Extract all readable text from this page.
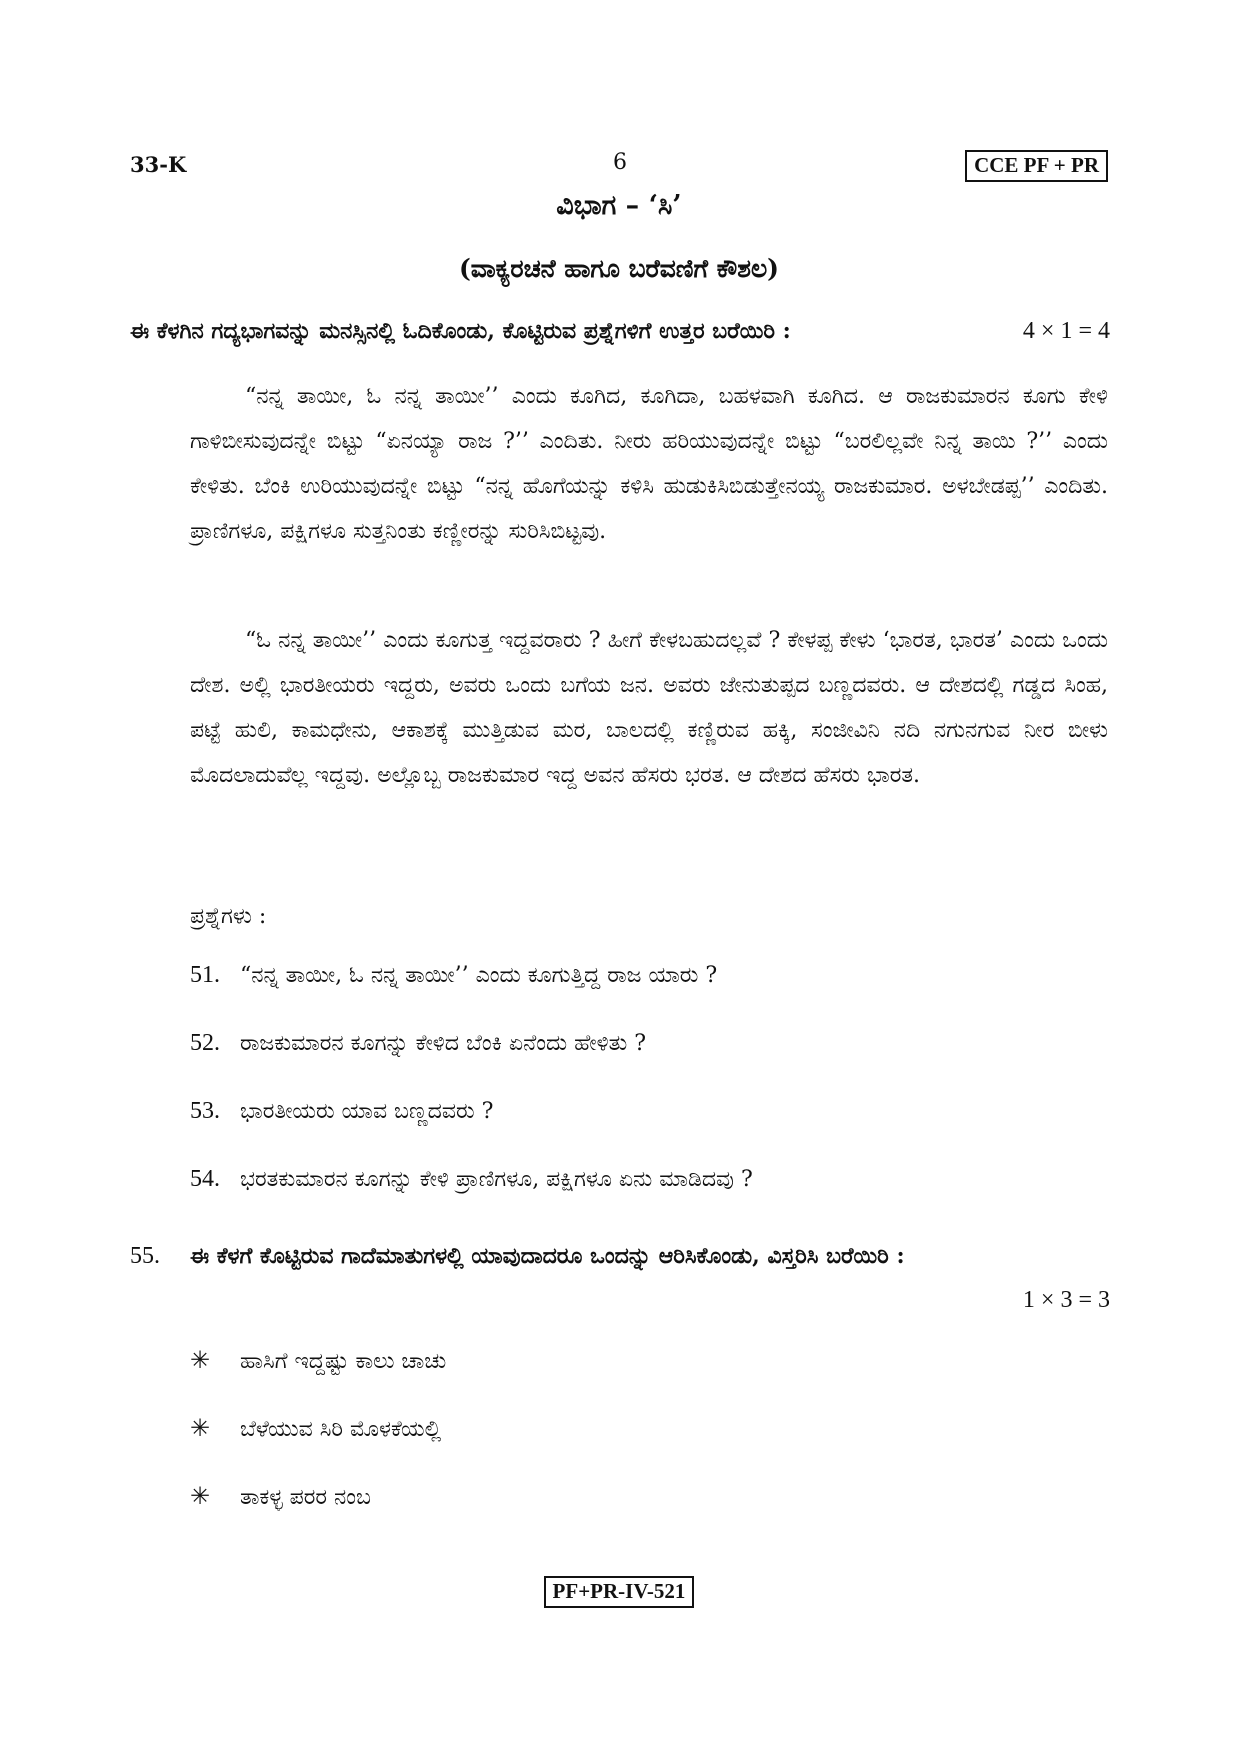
33-K	6	CCE PF + PR
ವಿಭಾಗ – ‘ಸಿ’
(ವಾಕ್ಯರಚನೆ ಹಾಗೂ ಬರೆವಣಿಗೆ ಕೌಶಲ)
ಈ ಕೆಳಗಿನ ಗದ್ಯಭಾಗವನ್ನು ಮನಸ್ಸಿನಲ್ಲಿ ಓದಿಕೊಂಡು, ಕೊಟ್ಟಿರುವ ಪ್ರಶ್ನೆಗಳಿಗೆ ಉತ್ತರ ಬರೆಯಿರಿ :	4 × 1 = 4

“ನನ್ನ ತಾಯೀ, ಓ ನನ್ನ ತಾಯೀ’’ ಎಂದು ಕೂಗಿದ, ಕೂಗಿದಾ, ಬಹಳವಾಗಿ ಕೂಗಿದ. ಆ ರಾಜಕುಮಾರನ ಕೂಗು ಕೇಳಿ ಗಾಳಿಬೀಸುವುದನ್ನೇ ಬಿಟ್ಟು “ಏನಯ್ಯಾ ರಾಜ ?’’ ಎಂದಿತು. ನೀರು ಹರಿಯುವುದನ್ನೇ ಬಿಟ್ಟು “ಬರಲಿಲ್ಲವೇ ನಿನ್ನ ತಾಯಿ ?’’ ಎಂದು ಕೇಳಿತು. ಬೆಂಕಿ ಉರಿಯುವುದನ್ನೇ ಬಿಟ್ಟು “ನನ್ನ ಹೊಗೆಯನ್ನು ಕಳಿಸಿ ಹುಡುಕಿಸಿಬಿಡುತ್ತೇನಯ್ಯ ರಾಜಕುಮಾರ. ಅಳಬೇಡಪ್ಪ’’ ಎಂದಿತು. ಪ್ರಾಣಿಗಳೂ, ಪಕ್ಷಿಗಳೂ ಸುತ್ತನಿಂತು ಕಣ್ಣೀರನ್ನು ಸುರಿಸಿಬಿಟ್ಟವು.

“ಓ ನನ್ನ ತಾಯೀ’’ ಎಂದು ಕೂಗುತ್ತ ಇದ್ದವರಾರು ? ಹೀಗೆ ಕೇಳಬಹುದಲ್ಲವೆ ? ಕೇಳಪ್ಪ ಕೇಳು ‘ಭಾರತ, ಭಾರತ’ ಎಂದು ಒಂದು ದೇಶ. ಅಲ್ಲಿ ಭಾರತೀಯರು ಇದ್ದರು, ಅವರು ಒಂದು ಬಗೆಯ ಜನ. ಅವರು ಜೇನುತುಪ್ಪದ ಬಣ್ಣದವರು. ಆ ದೇಶದಲ್ಲಿ ಗಡ್ಡದ ಸಿಂಹ, ಪಟ್ಟೆ ಹುಲಿ, ಕಾಮಧೇನು, ಆಕಾಶಕ್ಕೆ ಮುತ್ತಿಡುವ ಮರ, ಬಾಲದಲ್ಲಿ ಕಣ್ಣಿರುವ ಹಕ್ಕಿ, ಸಂಜೀವಿನಿ ನದಿ ನಗುನಗುವ ನೀರ ಬೀಳು ಮೊದಲಾದುವೆಲ್ಲ ಇದ್ದವು. ಅಲ್ಲೊಬ್ಬ ರಾಜಕುಮಾರ ಇದ್ದ ಅವನ ಹೆಸರು ಭರತ. ಆ ದೇಶದ ಹೆಸರು ಭಾರತ.

ಪ್ರಶ್ನೆಗಳು :
51. “ನನ್ನ ತಾಯೀ, ಓ ನನ್ನ ತಾಯೀ’’ ಎಂದು ಕೂಗುತ್ತಿದ್ದ ರಾಜ ಯಾರು ?
52. ರಾಜಕುಮಾರನ ಕೂಗನ್ನು ಕೇಳಿದ ಬೆಂಕಿ ಏನೆಂದು ಹೇಳಿತು ?
53. ಭಾರತೀಯರು ಯಾವ ಬಣ್ಣದವರು ?
54. ಭರತಕುಮಾರನ ಕೂಗನ್ನು ಕೇಳಿ ಪ್ರಾಣಿಗಳೂ, ಪಕ್ಷಿಗಳೂ ಏನು ಮಾಡಿದವು ?
55. ಈ ಕೆಳಗೆ ಕೊಟ್ಟಿರುವ ಗಾದೆಮಾತುಗಳಲ್ಲಿ ಯಾವುದಾದರೂ ಒಂದನ್ನು ಆರಿಸಿಕೊಂಡು, ವಿಸ್ತರಿಸಿ ಬರೆಯಿರಿ :
1 × 3 = 3
✳ ಹಾಸಿಗೆ ಇದ್ದಷ್ಟು ಕಾಲು ಚಾಚು
✳ ಬೆಳೆಯುವ ಸಿರಿ ಮೊಳಕೆಯಲ್ಲಿ
✳ ತಾಕಳ್ಳ ಪರರ ನಂಬ
PF+PR-IV-521
